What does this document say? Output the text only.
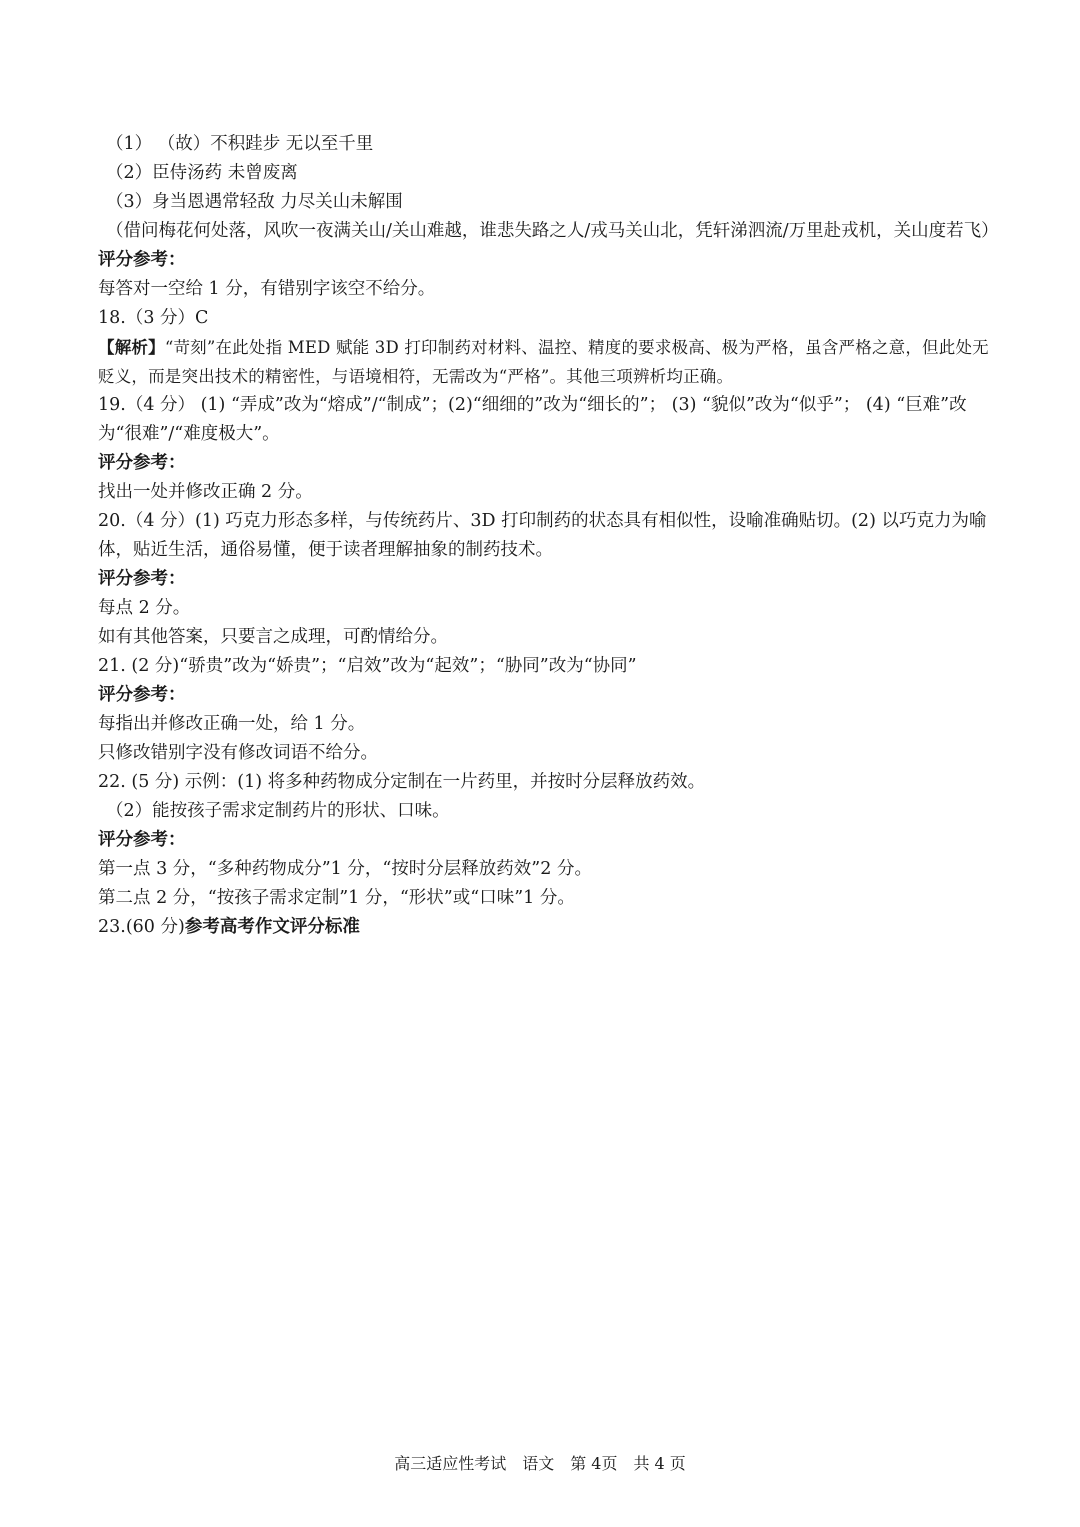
（1） （故）不积跬步 无以至千里
（2）臣侍汤药 未曾废离
（3）身当恩遇常轻敌 力尽关山未解围
（借问梅花何处落，风吹一夜满关山/关山难越，谁悲失路之人/戎马关山北，凭轩涕泗流/万里赴戎机，关山度若飞）
评分参考：
每答对一空给 1 分，有错别字该空不给分。
18.（3 分）C
【解析】“苛刻”在此处指 MED 赋能 3D 打印制药对材料、温控、精度的要求极高、极为严格，虽含严格之意，但此处无贬义，而是突出技术的精密性，与语境相符，无需改为“严格”。其他三项辨析均正确。
19.（4 分） (1) “弄成”改为“熔成”/“制成”；(2)“细细的”改为“细长的”； (3) “貌似”改为“似乎”； (4) “巨难”改为“很难”/“难度极大”。
评分参考：
找出一处并修改正确 2 分。
20.（4 分）(1) 巧克力形态多样，与传统药片、3D 打印制药的状态具有相似性，设喻准确贴切。(2) 以巧克力为喻体，贴近生活，通俗易懂，便于读者理解抽象的制药技术。
评分参考：
每点 2 分。
如有其他答案，只要言之成理，可酌情给分。
21. (2 分)“骄贵”改为“娇贵”；“启效”改为“起效”；“胁同”改为“协同”
评分参考：
每指出并修改正确一处，给 1 分。
只修改错别字没有修改词语不给分。
22. (5 分) 示例：(1) 将多种药物成分定制在一片药里，并按时分层释放药效。
（2）能按孩子需求定制药片的形状、口味。
评分参考：
第一点 3 分，“多种药物成分”1 分，“按时分层释放药效”2 分。
第二点 2 分，“按孩子需求定制”1 分，“形状”或“口味”1 分。
23.(60 分)参考高考作文评分标准
高三适应性考试　语文　第 4页　共 4 页
